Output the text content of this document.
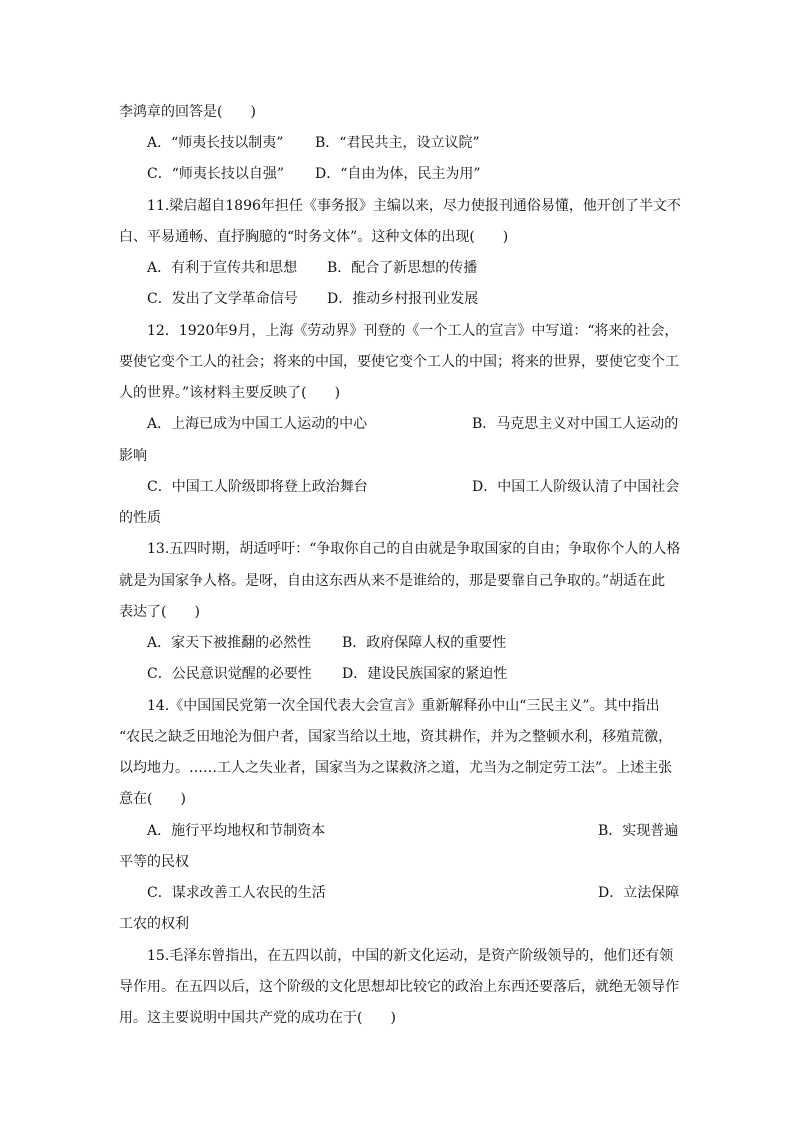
李鸿章的回答是(　　)
A．“师夷长技以制夷” B．“君民共主，设立议院”
C．“师夷长技以自强” D．“自由为体，民主为用”
11.梁启超自1896年担任《事务报》主编以来，尽力使报刊通俗易懂，他开创了半文不
白、平易通畅、直抒胸臆的“时务文体”。这种文体的出现(　　)
A．有利于宣传共和思想 B．配合了新思想的传播
C．发出了文学革命信号 D．推动乡村报刊业发展
12．1920年9月，上海《劳动界》刊登的《一个工人的宣言》中写道：“将来的社会，
要使它变个工人的社会；将来的中国，要使它变个工人的中国；将来的世界，要使它变个工
人的世界。”该材料主要反映了(　　)
A．上海已成为中国工人运动的中心	B．马克思主义对中国工人运动的
影响
C．中国工人阶级即将登上政治舞台	D．中国工人阶级认清了中国社会
的性质
13.五四时期，胡适呼吁：“争取你自己的自由就是争取国家的自由；争取你个人的人格
就是为国家争人格。是呀，自由这东西从来不是谁给的，那是要靠自己争取的。”胡适在此
表达了(　　)
A．家天下被推翻的必然性 B．政府保障人权的重要性
C．公民意识觉醒的必要性 D．建设民族国家的紧迫性
14.《中国国民党第一次全国代表大会宣言》重新解释孙中山“三民主义”。其中指出
“农民之缺乏田地沦为佃户者，国家当给以土地，资其耕作，并为之整顿水利，移殖荒徼，
以均地力。……工人之失业者，国家当为之谋救济之道，尤当为之制定劳工法”。上述主张
意在(　　)
A．施行平均地权和节制资本	B．实现普遍
平等的民权
C．谋求改善工人农民的生活	D．立法保障
工农的权利
15.毛泽东曾指出，在五四以前，中国的新文化运动，是资产阶级领导的，他们还有领
导作用。在五四以后，这个阶级的文化思想却比较它的政治上东西还要落后，就绝无领导作
用。这主要说明中国共产党的成功在于(　　)
